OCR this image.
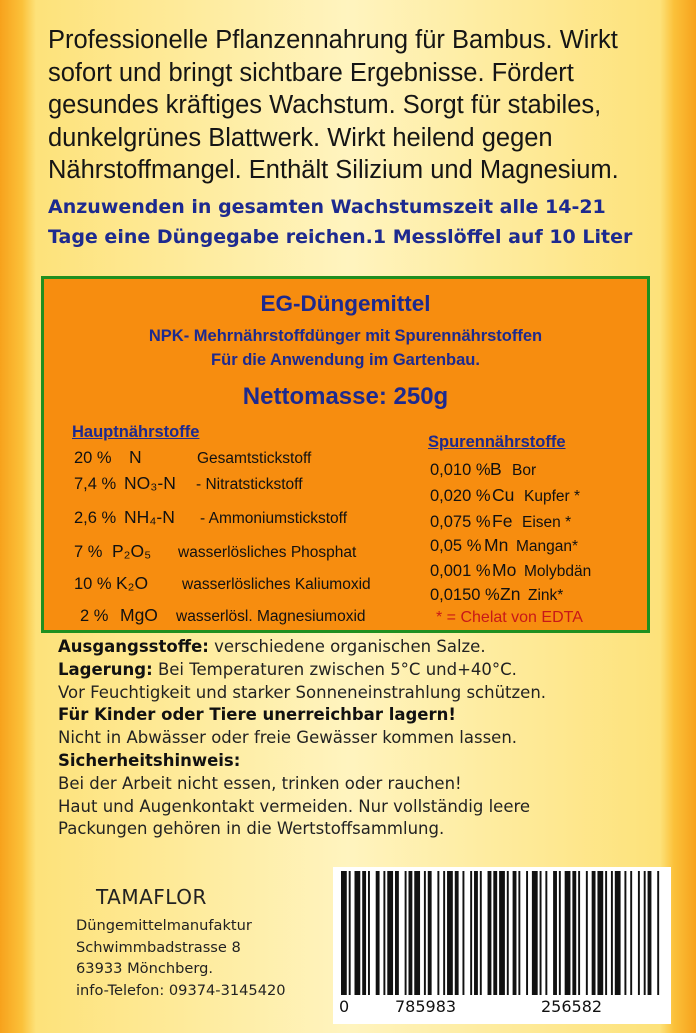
Professionelle Pflanzennahrung für Bambus. Wirkt
sofort und bringt sichtbare Ergebnisse. Fördert
gesundes kräftiges Wachstum. Sorgt für stabiles,
dunkelgrünes Blattwerk. Wirkt heilend gegen
Nährstoffmangel. Enthält Silizium und Magnesium.
Anzuwenden in gesamten Wachstumszeit alle 14-21
Tage eine Düngegabe reichen.1 Messlöffel auf 10 Liter
EG-Düngemittel
NPK- Mehrnährstoffdünger mit Spurennährstoffen
Für die Anwendung im Gartenbau.
Nettomasse: 250g
Hauptnährstoffe
Spurennährstoffe
20 % N	Gesamtstickstoff
7,4 % NO₃-N - Nitratstickstoff
2,6 % NH₄-N - Ammoniumstickstoff
7 % P₂O₅ wasserlösliches Phosphat
10 % K₂O wasserlösliches Kaliumoxid
2 % MgO wasserlösl. Magnesiumoxid
0,010 %B Bor
0,020 %Cu Kupfer *
0,075 %Fe Eisen *
0,05 % Mn Mangan*
0,001 %Mo Molybdän
0,0150 %Zn Zink*
* = Chelat von EDTA
Ausgangsstoffe: verschiedene organischen Salze.
Lagerung: Bei Temperaturen zwischen 5°C und+40°C.
Vor Feuchtigkeit und starker Sonneneinstrahlung schützen.
Für Kinder oder Tiere unerreichbar lagern!
Nicht in Abwässer oder freie Gewässer kommen lassen.
Sicherheitshinweis:
Bei der Arbeit nicht essen, trinken oder rauchen!
Haut und Augenkontakt vermeiden. Nur vollständig leere
Packungen gehören in die Wertstoffsammlung.
TAMAFLOR
Düngemittelmanufaktur
Schwimmbadstrasse 8
63933 Mönchberg.
info-Telefon: 09374-3145420
0	785983	256582
